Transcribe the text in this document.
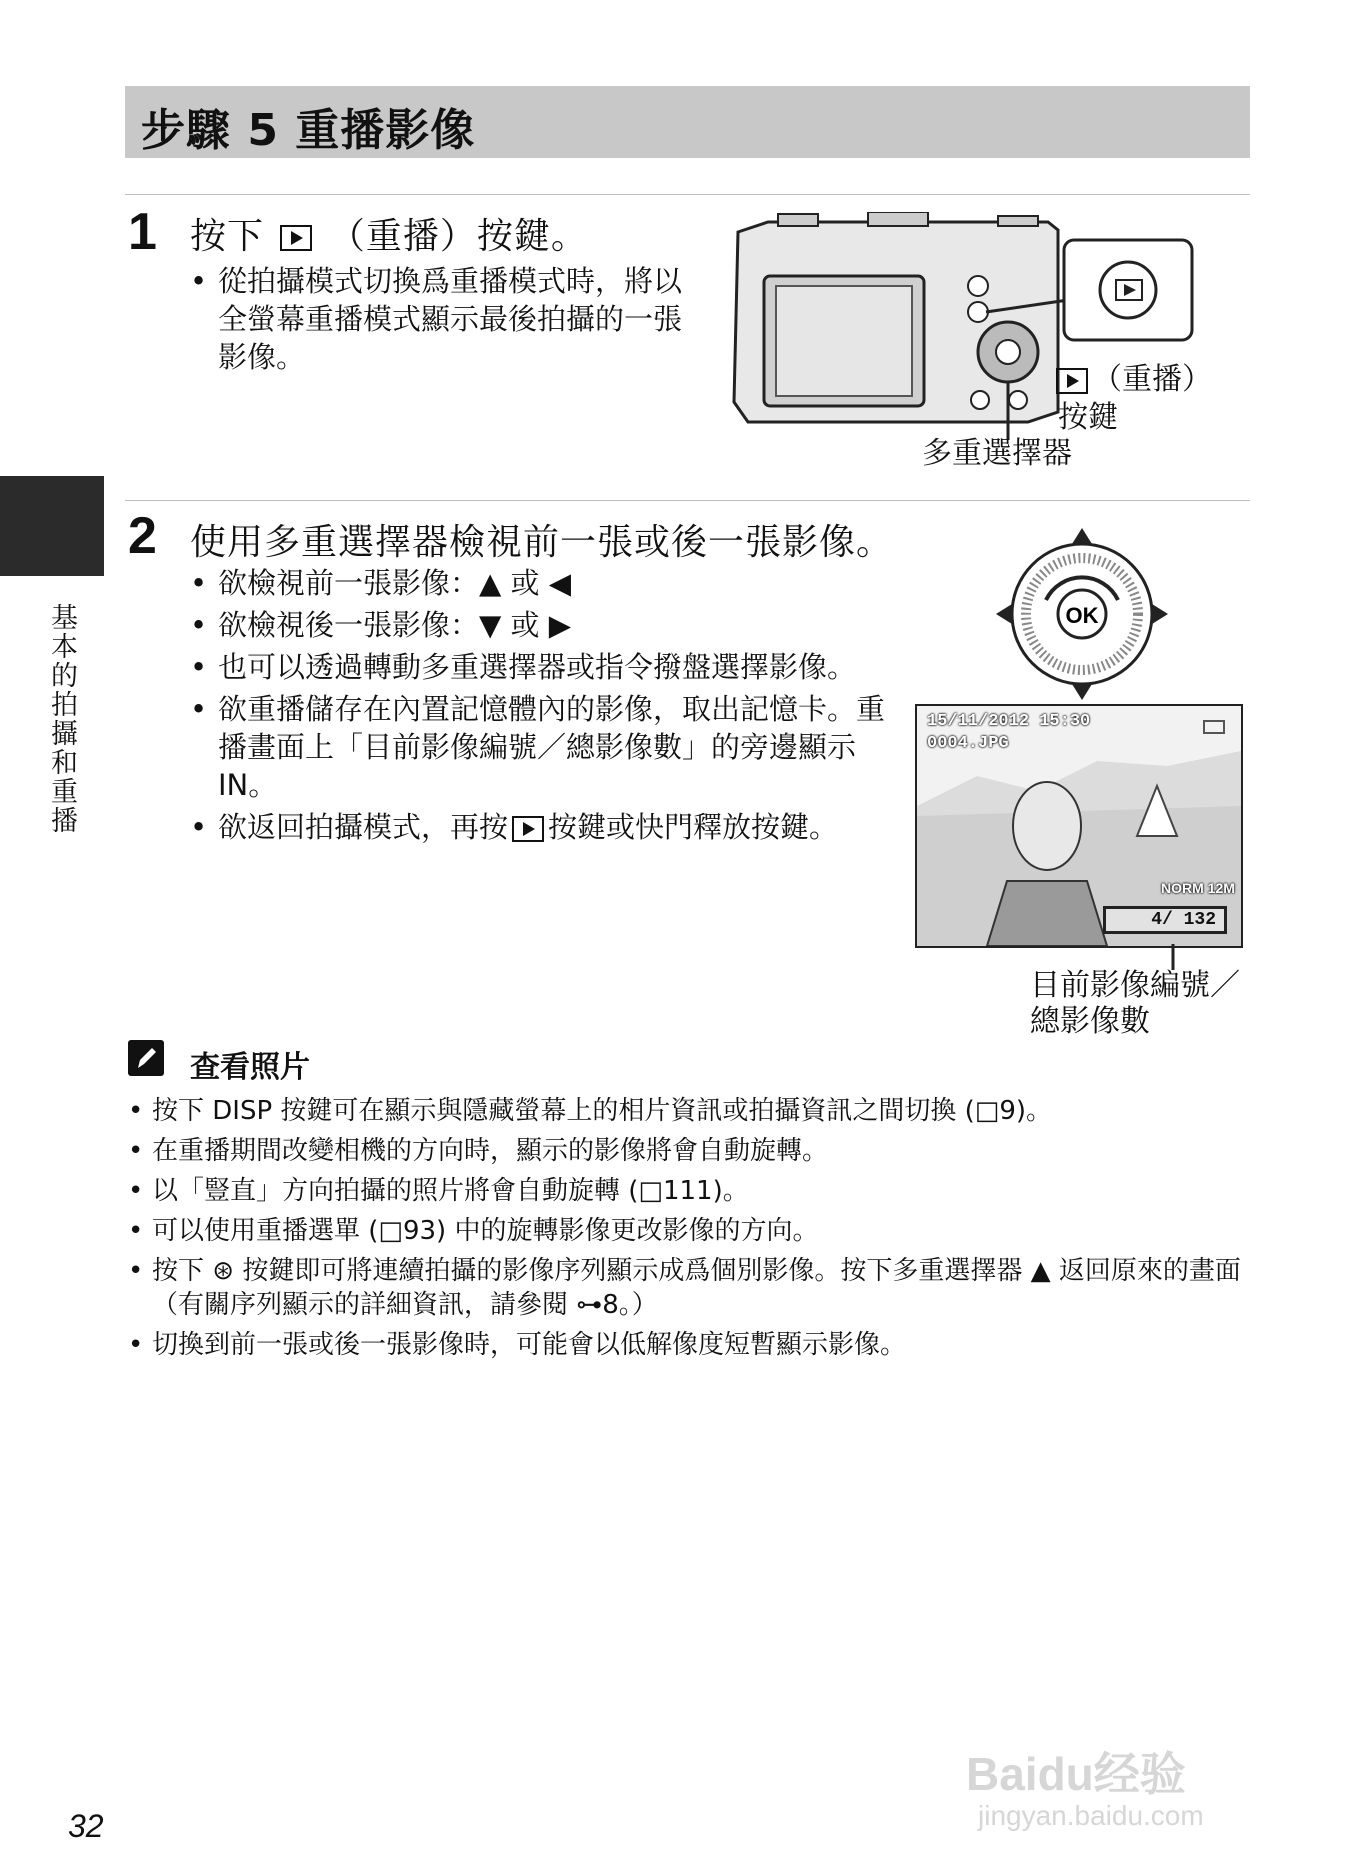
步驟 5 重播影像
基本的拍攝和重播
1 按下 （重播）按鍵。
• 從拍攝模式切換爲重播模式時，將以全螢幕重播模式顯示最後拍攝的一張影像。
（重播）
按鍵
多重選擇器
2 使用多重選擇器檢視前一張或後一張影像。
• 欲檢視前一張影像：▲ 或 ◀
• 欲檢視後一張影像：▼ 或 ▶
• 也可以透過轉動多重選擇器或指令撥盤選擇影像。
• 欲重播儲存在內置記憶體內的影像，取出記憶卡。重播畫面上「目前影像編號／總影像數」的旁邊顯示 IN。
• 欲返回拍攝模式，再按 按鍵或快門釋放按鍵。
OK
15/11/2012 15:30
0004.JPG
NORM 12M
4/ 132
目前影像編號／
總影像數
查看照片
• 按下 DISP 按鍵可在顯示與隱藏螢幕上的相片資訊或拍攝資訊之間切換 (□9)。
• 在重播期間改變相機的方向時，顯示的影像將會自動旋轉。
• 以「豎直」方向拍攝的照片將會自動旋轉 (□111)。
• 可以使用重播選單 (□93) 中的旋轉影像更改影像的方向。
• 按下 ⊛ 按鍵即可將連續拍攝的影像序列顯示成爲個別影像。按下多重選擇器 ▲ 返回原來的畫面 （有關序列顯示的詳細資訊，請參閱 ⊶8。）
• 切換到前一張或後一張影像時，可能會以低解像度短暫顯示影像。
32
Baidu经验
jingyan.baidu.com
